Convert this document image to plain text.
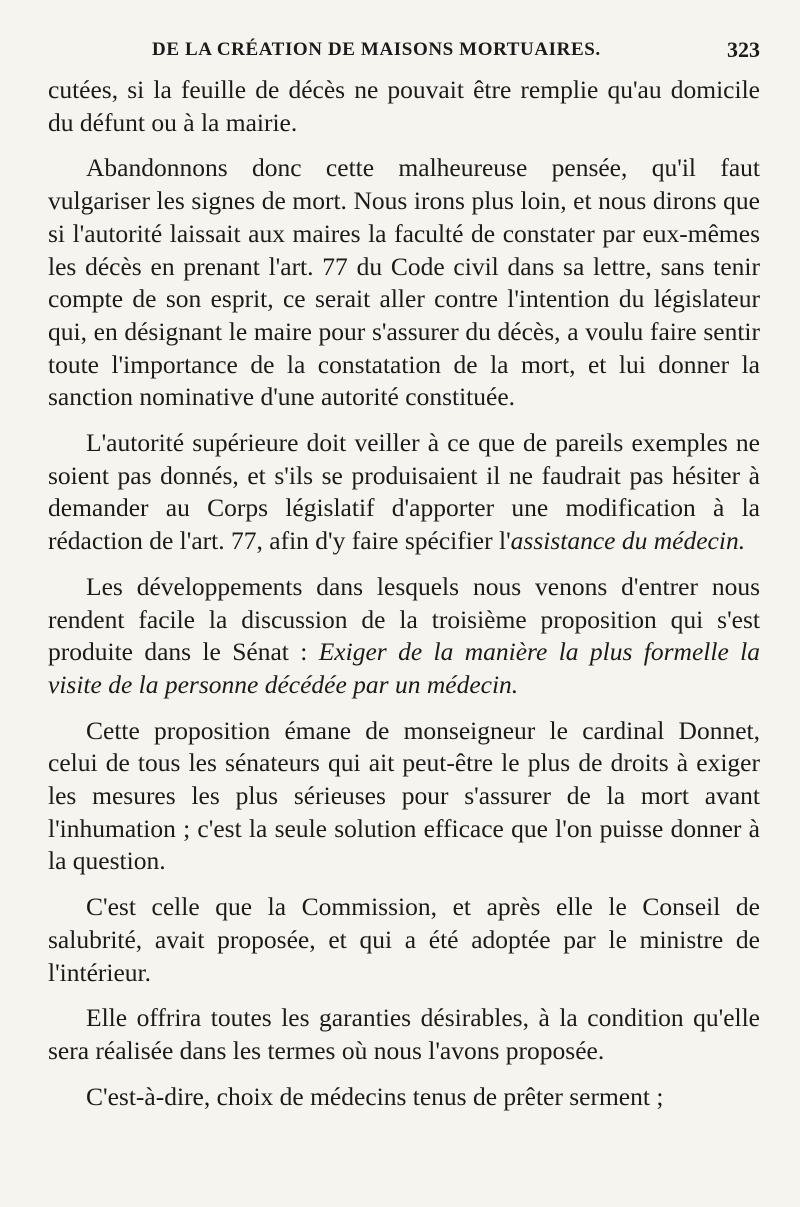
DE LA CRÉATION DE MAISONS MORTUAIRES.	323

cutées, si la feuille de décès ne pouvait être remplie qu'au domicile du défunt ou à la mairie.

Abandonnons donc cette malheureuse pensée, qu'il faut vulgariser les signes de mort. Nous irons plus loin, et nous dirons que si l'autorité laissait aux maires la faculté de constater par eux-mêmes les décès en prenant l'art. 77 du Code civil dans sa lettre, sans tenir compte de son esprit, ce serait aller contre l'intention du législateur qui, en désignant le maire pour s'assurer du décès, a voulu faire sentir toute l'importance de la constatation de la mort, et lui donner la sanction nominative d'une autorité constituée.

L'autorité supérieure doit veiller à ce que de pareils exemples ne soient pas donnés, et s'ils se produisaient il ne faudrait pas hésiter à demander au Corps législatif d'apporter une modification à la rédaction de l'art. 77, afin d'y faire spécifier l'assistance du médecin.

Les développements dans lesquels nous venons d'entrer nous rendent facile la discussion de la troisième proposition qui s'est produite dans le Sénat : Exiger de la manière la plus formelle la visite de la personne décédée par un médecin.

Cette proposition émane de monseigneur le cardinal Donnet, celui de tous les sénateurs qui ait peut-être le plus de droits à exiger les mesures les plus sérieuses pour s'assurer de la mort avant l'inhumation ; c'est la seule solution efficace que l'on puisse donner à la question.

C'est celle que la Commission, et après elle le Conseil de salubrité, avait proposée, et qui a été adoptée par le ministre de l'intérieur.

Elle offrira toutes les garanties désirables, à la condition qu'elle sera réalisée dans les termes où nous l'avons proposée.

C'est-à-dire, choix de médecins tenus de prêter serment ;
